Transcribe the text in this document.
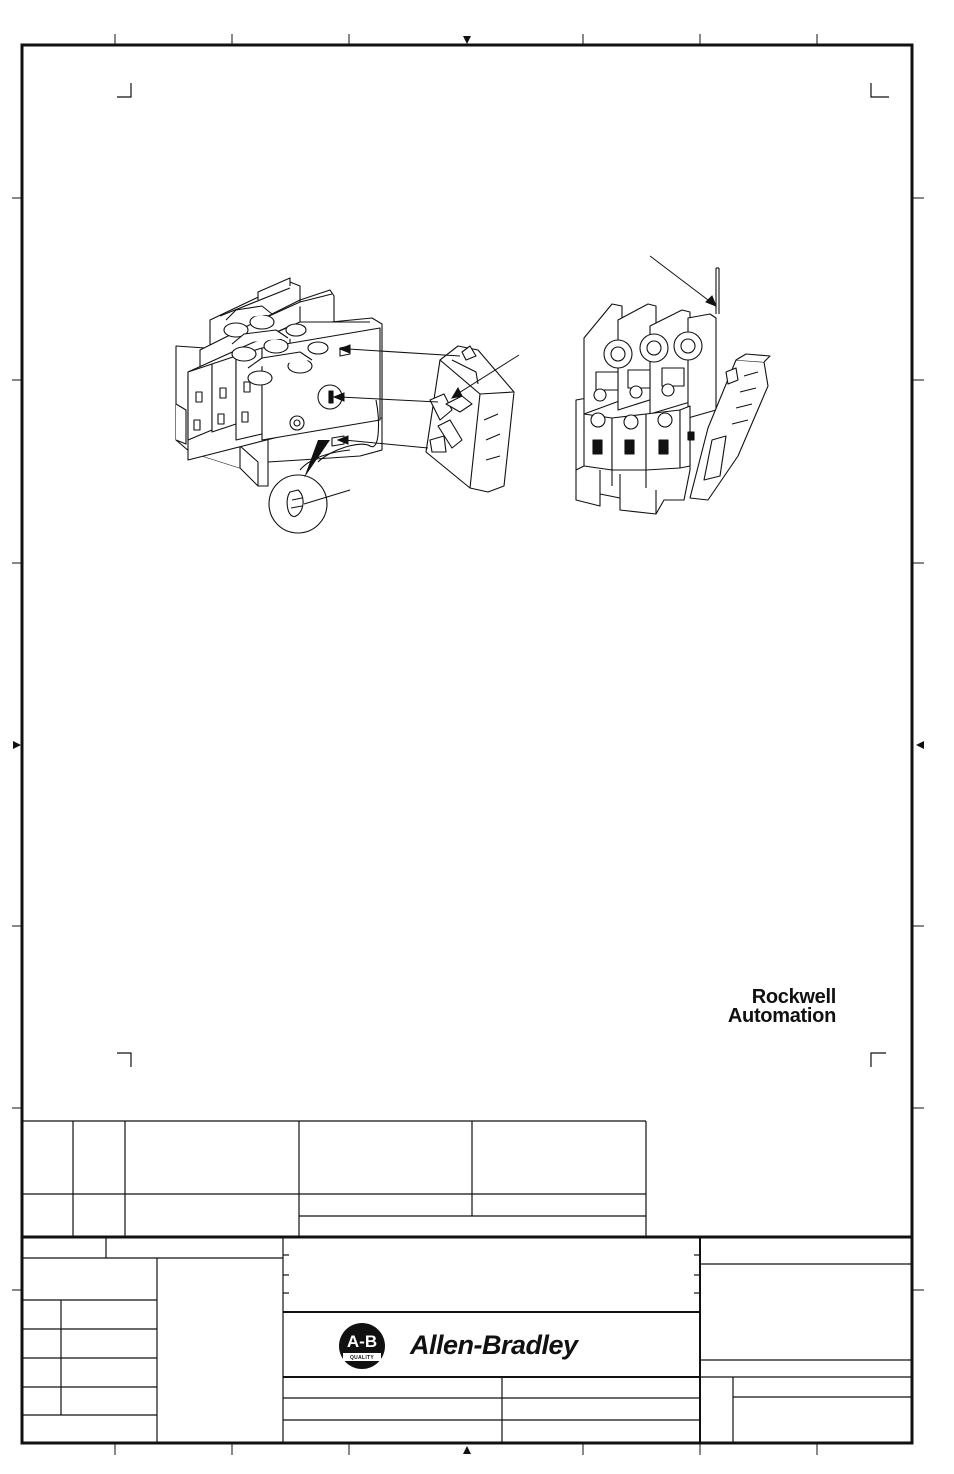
Rockwell
Automation
A-B
QUALITY	Allen-Bradley
